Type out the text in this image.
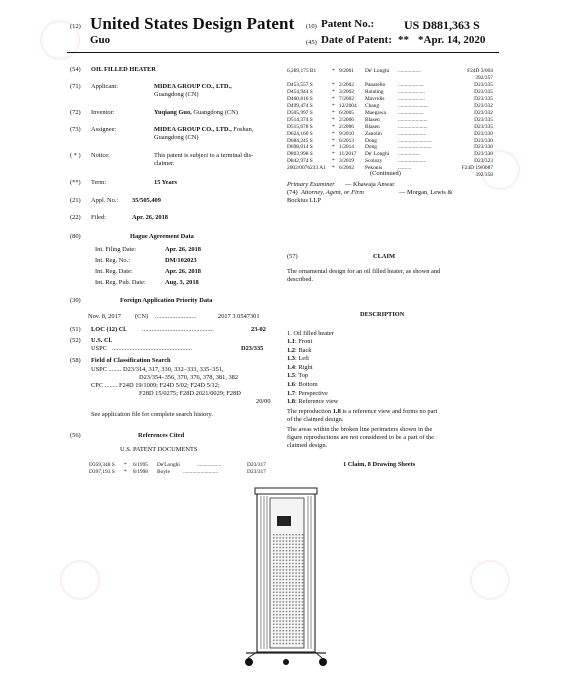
(12) United States Design Patent
Guo
(10) Patent No.: US D881,363 S
(45) Date of Patent: ** *Apr. 14, 2020
(54)	OIL FILLED HEATER
(71)	Applicant:	MIDEA GROUP CO., LTD.,
Guangdong (CN)
(72)	Inventor:	Yuqiang Guo, Guangdong (CN)
(73)	Assignee:	MIDEA GROUP CO., LTD., Foshan,
Guangdong (CN)
( * )	Notice:	This patent is subject to a terminal dis-
claimer.
(**)	Term:	15 Years
(21)	Appl. No.: 35/505,409
(22)	Filed:	Apr. 26, 2018
(80)	Hague Agreement Data
Int. Filing Date:	Apr. 26, 2018
Int. Reg. No.:	DM/102023
Int. Reg. Date:	Apr. 26, 2018
Int. Reg. Pub. Date:	Aug. 3, 2018
(30)	Foreign Application Priority Data
Nov. 8, 2017 (CN) ..........................	2017 3 0547301
(51)	LOC (12) Cl. .............................................	23-02
(52)	U.S. Cl.
USPC ..................................................	D23/335
(58)	Field of Classification Search
USPC ........ D23/314, 317, 330, 332–333, 335–351,
D23/354–356, 370, 376, 378, 381, 382
CPC ........ F24D 19/1009; F24D 5/02; F24D 5/12;
F28D 15/0275; F28D 2021/0029; F28D
20/00
See application file for complete search history.
(56)	References Cited
U.S. PATENT DOCUMENTS
D359,348 S * 6/1995 De'Longhi	..................	D23/317
D397,193 S * 8/1998 Boyle ..........................	D23/317
6,289,175 B1	* 9/2001 De' Longhi .................	F24D 3/004
392/357
D453,557 S	* 2/2002 Panarello ...................	D23/335
D454,944 S	* 3/2002 Rotaling	....................	D23/335
D460,816 S	* 7/2002 Mavridis	....................	D23/335
D499,474 S	* 12/2004 Chang	.......................	D23/332
D505,997 S	* 6/2005 Maegawa ...................	D23/332
D514,374 S	* 2/2006 Blasen	......................	D23/335
D515,678 S	* 2/2006 Blasen	......................	D23/335
D624,160 S	* 9/2010 Zanolin	.....................	D23/330
D684,245 S	* 6/2013 Dong	.........................	D23/330
D698,014 S	* 1/2014 Dong	.........................	D23/330
D803,998 S	* 11/2017 De' Longhi ................	D23/330
D842,974 S	* 3/2019 Scolozy	.....................	D23/323
2002/0076233 A1 * 6/2002 Pekonis	..........	F24D 19/0087
392/358
(Continued)
Primary Examiner — Khawaja Anwar
(74) Attorney, Agent, or Firm	— Morgan, Lewis &
Bockius LLP
(57)	CLAIM
The ornamental design for an oil filled heater, as shown and
described.
DESCRIPTION
1. Oil filled heater
1.1: Front
1.2: Back
1.3: Left
1.4: Right
1.5: Top
1.6: Bottom
1.7: Perspective
1.8: Reference view
The reproduction 1.8 is a reference view and forms no part
of the claimed design.
The areas within the broken line perimeters shown in the
figure reproductions are not considered to be a part of the
claimed design.
1 Claim, 8 Drawing Sheets
